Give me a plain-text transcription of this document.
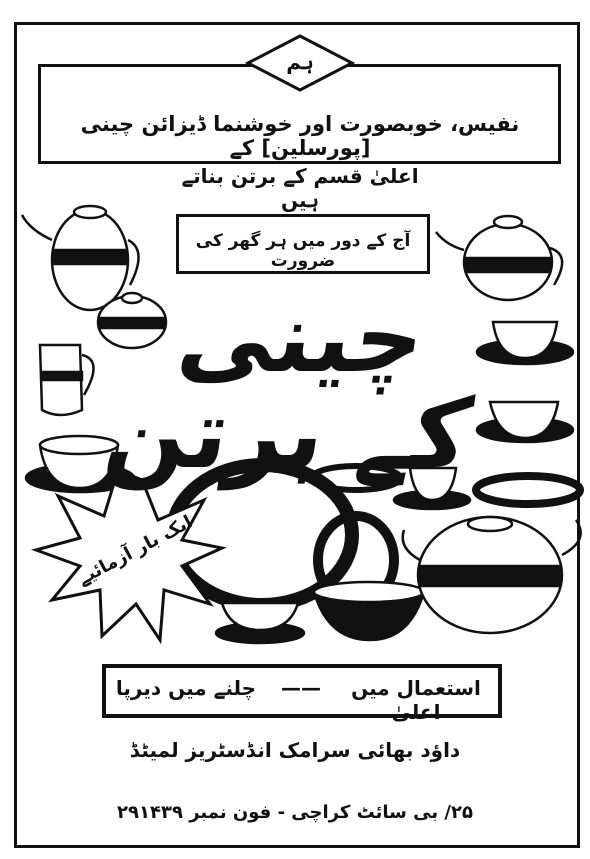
ہم
نفیس، خوبصورت اور خوشنما ڈیزائن چینی [پورسلین] کے
اعلیٰ قسم کے برتن بناتے ہیں
آج کے دور میں ہر گھر کی ضرورت
ایک بار آزمائیے
چینی کے برتن
استعمال میں اعلیٰ
——
چلنے میں دیرپا
داؤد بھائی سرامک انڈسٹریز لمیٹڈ
۲۵/ بی سائٹ کراچی - فون نمبر ۲۹۱۴۳۹
